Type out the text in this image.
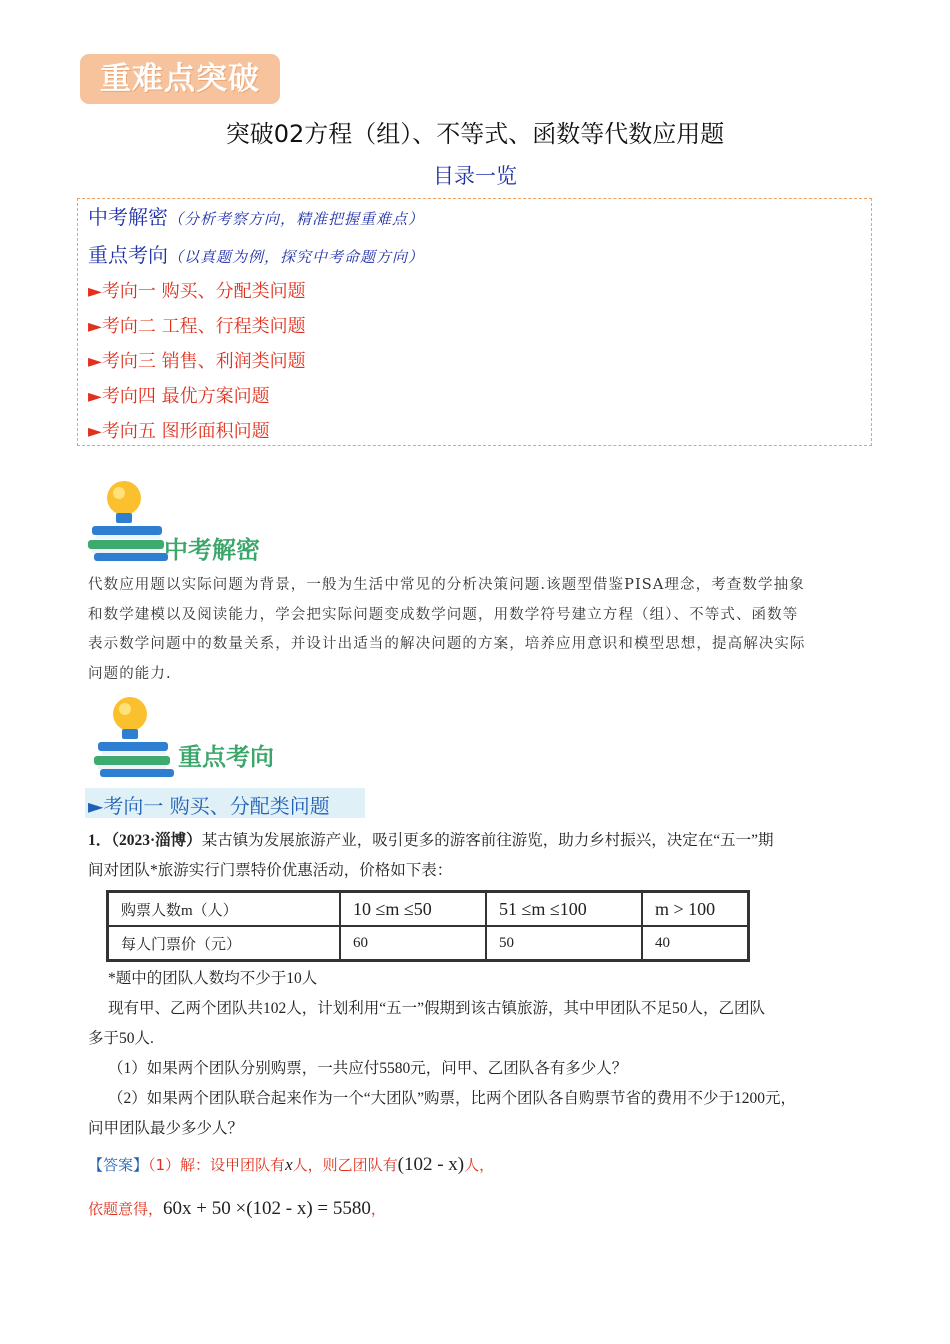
重难点突破
突破02方程（组）、不等式、函数等代数应用题
目录一览
中考解密（分析考察方向，精准把握重难点）
重点考向（以真题为例，探究中考命题方向）
►考向一 购买、分配类问题
►考向二 工程、行程类问题
►考向三 销售、利润类问题
►考向四 最优方案问题
►考向五 图形面积问题
中考解密
代数应用题以实际问题为背景，一般为生活中常见的分析决策问题.该题型借鉴PISA理念，考查数学抽象
和数学建模以及阅读能力，学会把实际问题变成数学问题，用数学符号建立方程（组）、不等式、函数等
表示数学问题中的数量关系，并设计出适当的解决问题的方案，培养应用意识和模型思想，提高解决实际
问题的能力.
重点考向
►考向一 购买、分配类问题
1．（2023·淄博）某古镇为发展旅游产业，吸引更多的游客前往游览，助力乡村振兴，决定在“五一”期
间对团队*旅游实行门票特价优惠活动，价格如下表：
购票人数m（人）	10 ≤m ≤50	51 ≤m ≤100	m > 100
每人门票价（元）	60	50	40
*题中的团队人数均不少于10人
现有甲、乙两个团队共102人，计划利用“五一”假期到该古镇旅游，其中甲团队不足50人，乙团队
多于50人.
（1）如果两个团队分别购票，一共应付5580元，问甲、乙团队各有多少人？
（2）如果两个团队联合起来作为一个“大团队”购票，比两个团队各自购票节省的费用不少于1200元，
问甲团队最少多少人？
【答案】（1）解：设甲团队有x人，则乙团队有(102 - x)人，
依题意得，60x + 50 ×(102 - x) = 5580，
